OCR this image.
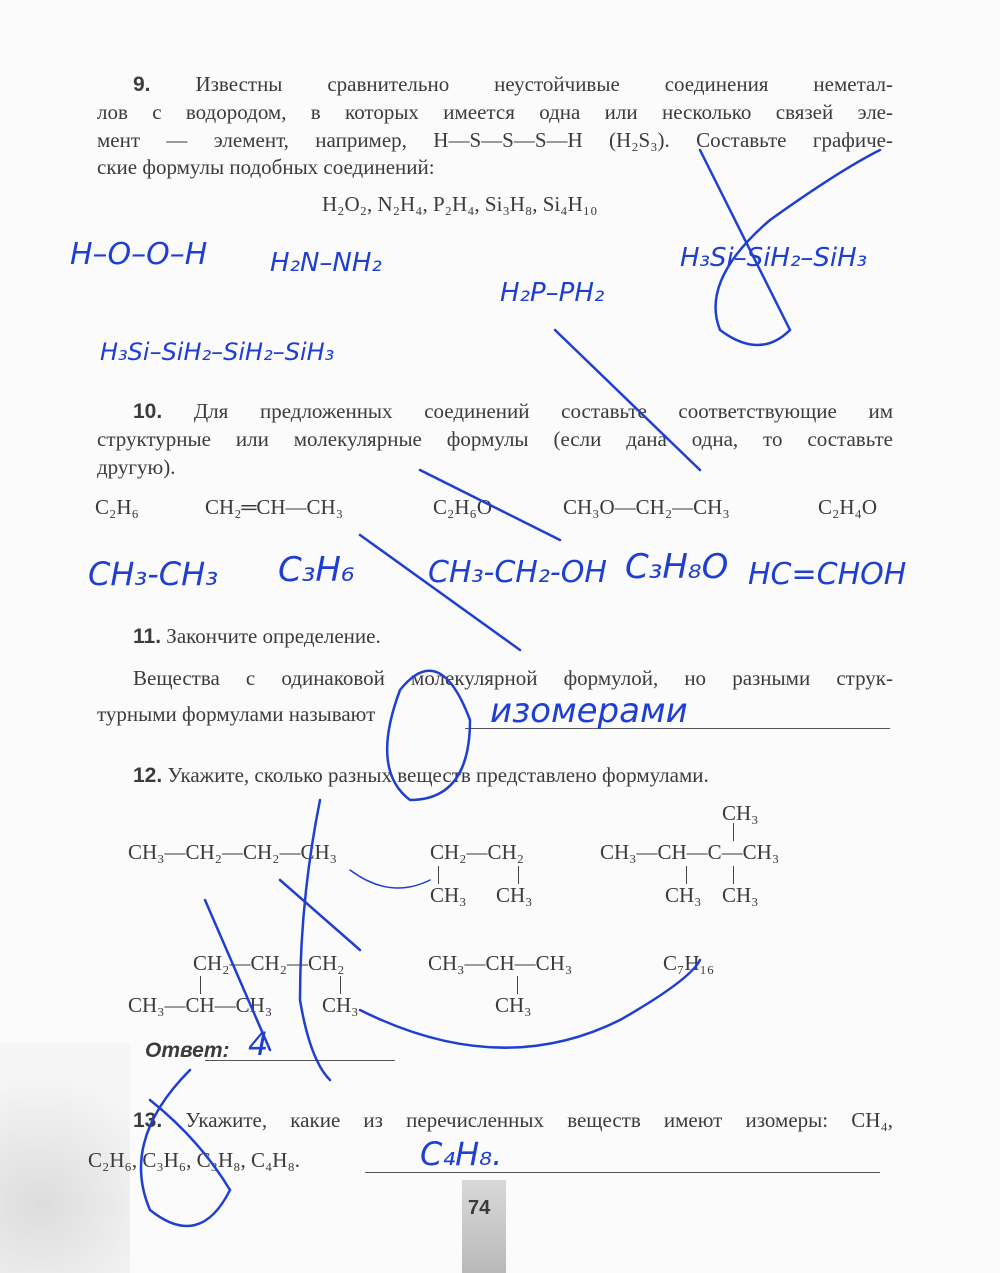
9. Известны сравнительно неустойчивые соединения неметал-
лов с водородом, в которых имеется одна или несколько связей эле-
мент — элемент, например, H—S—S—S—H (H₂S₃). Составьте графиче-
ские формулы подобных соединений:
H₂O₂, N₂H₄, P₂H₄, Si₃H₈, Si₄H₁₀
H–O–O–H H₂N–NH₂
H₂P–PH₂
H₃Si–SiH₂–SiH₃
H₃Si–SiH₂–SiH₂–SiH₃
10. Для предложенных соединений составьте соответствующие им
структурные или молекулярные формулы (если дана одна, то составьте
другую).
C₂H₆	CH₂═CH—CH₃	C₂H₆O	CH₃O—CH₂—CH₃	C₂H₄O
CH₃-CH₃ C₃H₆ CH₃-CH₂-OH C₃H₈O HC=CHOH
11. Закончите определение.
Вещества с одинаковой молекулярной формулой, но разными струк-
турными формулами называют	изомерами
12. Укажите, сколько разных веществ представлено формулами.
CH₃—CH₂—CH₂—CH₃	CH₂—CH₂
CH₃ CH₃
CH₃
CH₃—CH—C—CH₃
CH₃ CH₃
CH₂—CH₂—CH₂
CH₃—CH—CH₃ CH₃
CH₃—CH—CH₃
CH₃
C₇H₁₆
Ответ: 4
13. Укажите, какие из перечисленных веществ имеют изомеры: CH₄,
C₂H₆, C₃H₆, C₃H₈, C₄H₈.	C₄H₈.
74
